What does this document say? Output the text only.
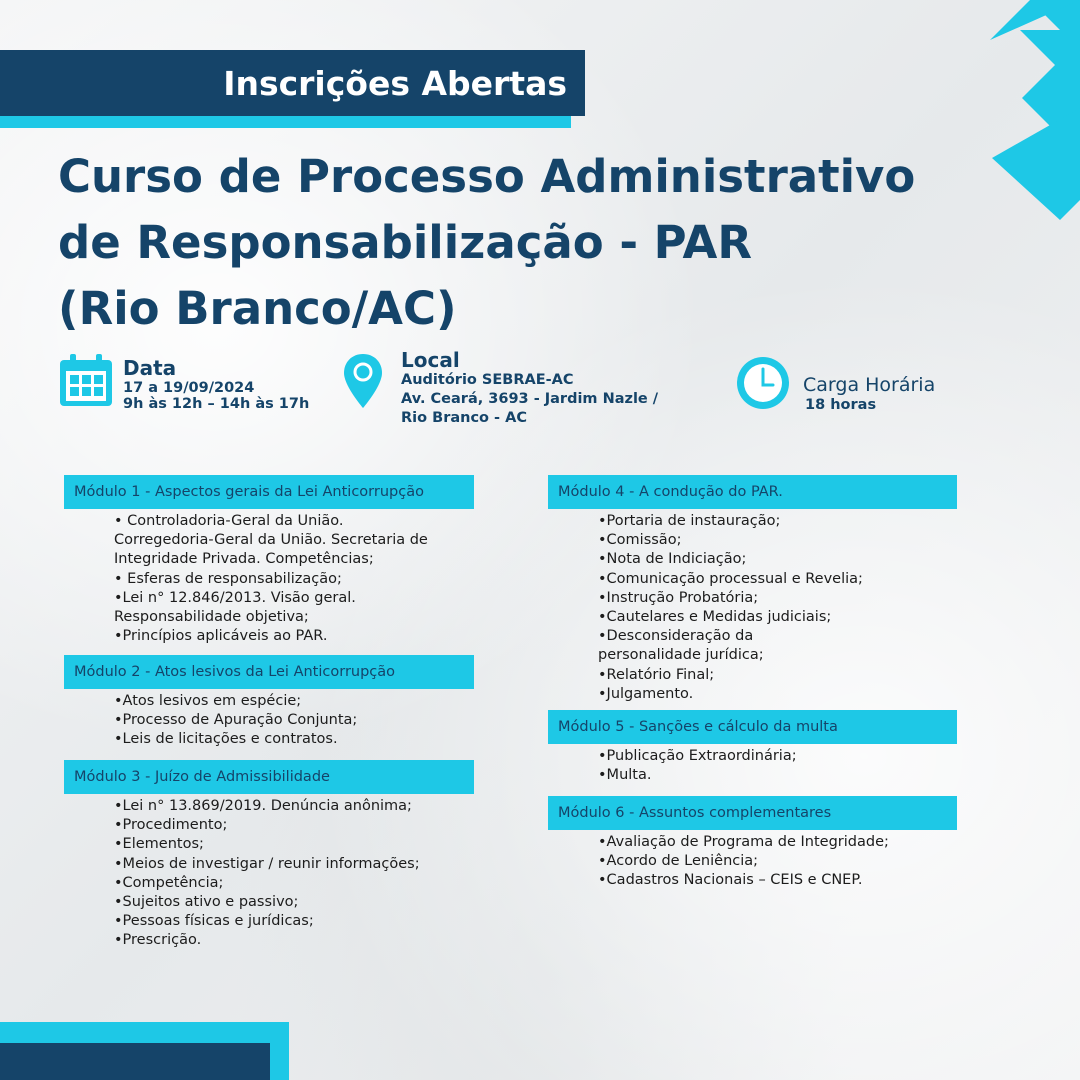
Inscrições Abertas
Curso de Processo Administrativo
de Responsabilização - PAR
(Rio Branco/AC)
Data
17 a 19/09/2024
9h às 12h – 14h às 17h
Local
Auditório SEBRAE-AC
Av. Ceará, 3693 - Jardim Nazle /
Rio Branco - AC
Carga Horária
18 horas
Módulo 1 - Aspectos gerais da Lei Anticorrupção
• Controladoria-Geral da União.
Corregedoria-Geral da União. Secretaria de
Integridade Privada. Competências;
• Esferas de responsabilização;
•Lei n° 12.846/2013. Visão geral.
Responsabilidade objetiva;
•Princípios aplicáveis ao PAR.
Módulo 2 - Atos lesivos da Lei Anticorrupção
•Atos lesivos em espécie;
•Processo de Apuração Conjunta;
•Leis de licitações e contratos.
Módulo 3 - Juízo de Admissibilidade
•Lei n° 13.869/2019. Denúncia anônima;
•Procedimento;
•Elementos;
•Meios de investigar / reunir informações;
•Competência;
•Sujeitos ativo e passivo;
•Pessoas físicas e jurídicas;
•Prescrição.
Módulo 4 - A condução do PAR.
•Portaria de instauração;
•Comissão;
•Nota de Indiciação;
•Comunicação processual e Revelia;
•Instrução Probatória;
•Cautelares e Medidas judiciais;
•Desconsideração da
personalidade jurídica;
•Relatório Final;
•Julgamento.
Módulo 5 - Sanções e cálculo da multa
•Publicação Extraordinária;
•Multa.
Módulo 6 - Assuntos complementares
•Avaliação de Programa de Integridade;
•Acordo de Leniência;
•Cadastros Nacionais – CEIS e CNEP.
